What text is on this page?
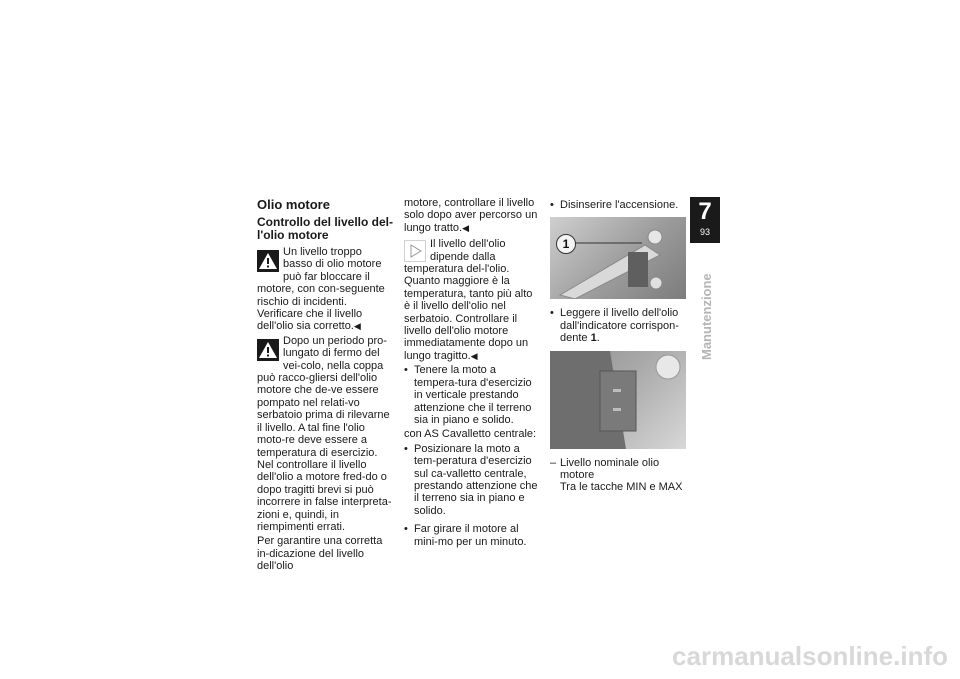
Olio motore
Controllo del livello del-l'olio motore

Un livello troppo basso di olio motore può far bloccare il motore, con con-seguente rischio di incidenti. Verificare che il livello dell'olio sia corretto.◀

Dopo un periodo pro-lungato di fermo del vei-colo, nella coppa può racco-gliersi dell'olio motore che de-ve essere pompato nel relati-vo serbatoio prima di rilevarne il livello. A tal fine l'olio moto-re deve essere a temperatura di esercizio. Nel controllare il livello dell'olio a motore fred-do o dopo tragitti brevi si può incorrere in false interpreta-zioni e, quindi, in riempimenti errati.

Per garantire una corretta in-dicazione del livello dell'olio

motore, controllare il livello solo dopo aver percorso un lungo tratto.◀

Il livello dell'olio dipende dalla temperatura del-l'olio. Quanto maggiore è la temperatura, tanto più alto è il livello dell'olio nel serbatoio. Controllare il livello dell'olio motore immediatamente dopo un lungo tragitto.◀

• Tenere la moto a tempera-tura d'esercizio in verticale prestando attenzione che il terreno sia in piano e solido.

con AS Cavalletto centrale:

• Posizionare la moto a tem-peratura d'esercizio sul ca-valletto centrale, prestando attenzione che il terreno sia in piano e solido.
• Far girare il motore al mini-mo per un minuto.
• Disinserire l'accensione.
1
• Leggere il livello dell'olio dall'indicatore corrispon-dente 1.
– Livello nominale olio motore

Tra le tacche MIN e MAX

7
93
Manutenzione
carmanualsonline.info
